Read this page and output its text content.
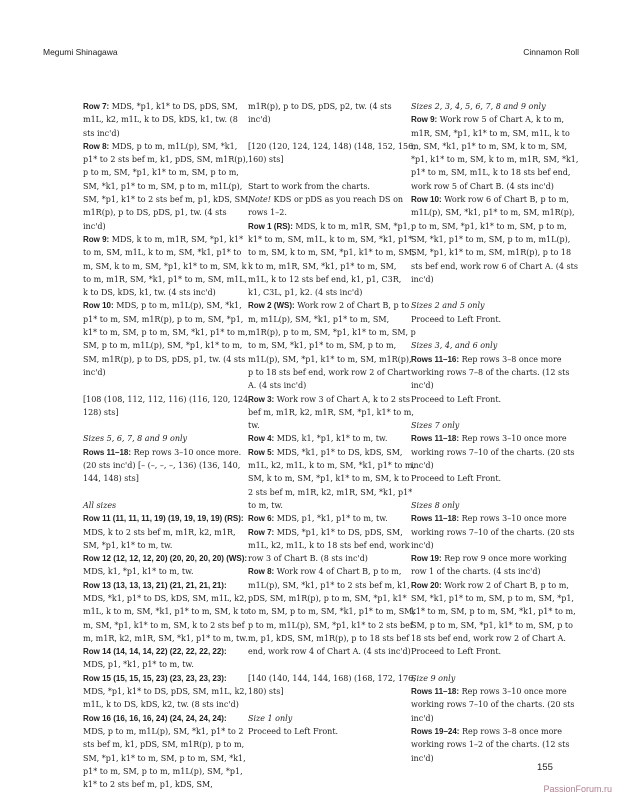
Megumi Shinagawa	Cinnamon Roll

Row 7: MDS, *p1, k1* to DS, pDS, SM, m1L, k2, m1L, k to DS, kDS, k1, tw. (8 sts inc'd)

Row 8: MDS, p to m, m1L(p), SM, *k1, p1* to 2 sts bef m, k1, pDS, SM, m1R(p), p to m, SM, *p1, k1* to m, SM, p to m, SM, *k1, p1* to m, SM, p to m, m1L(p), SM, *p1, k1* to 2 sts bef m, p1, kDS, SM, m1R(p), p to DS, pDS, p1, tw. (4 sts inc'd)

Row 9: MDS, k to m, m1R, SM, *p1, k1* to m, SM, m1L, k to m, SM, *k1, p1* to m, SM, k to m, SM, *p1, k1* to m, SM, k to m, m1R, SM, *k1, p1* to m, SM, m1L, k to DS, kDS, k1, tw. (4 sts inc'd)

Row 10: MDS, p to m, m1L(p), SM, *k1, p1* to m, SM, m1R(p), p to m, SM, *p1, k1* to m, SM, p to m, SM, *k1, p1* to m, SM, p to m, m1L(p), SM, *p1, k1* to m, SM, m1R(p), p to DS, pDS, p1, tw. (4 sts inc'd)

[108 (108, 112, 112, 116) (116, 120, 124, 128) sts]

Sizes 5, 6, 7, 8 and 9 only

Rows 11–18: Rep rows 3–10 once more. (20 sts inc'd) [– (–, –, –, 136) (136, 140, 144, 148) sts]

All sizes

Row 11 (11, 11, 11, 19) (19, 19, 19, 19) (RS): MDS, k to 2 sts bef m, m1R, k2, m1R, SM, *p1, k1* to m, tw.

Row 12 (12, 12, 12, 20) (20, 20, 20, 20) (WS): MDS, k1, *p1, k1* to m, tw.

Row 13 (13, 13, 13, 21) (21, 21, 21, 21): MDS, *k1, p1* to DS, kDS, SM, m1L, k2, m1L, k to m, SM, *k1, p1* to m, SM, k to m, SM, *p1, k1* to m, SM, k to 2 sts bef m, m1R, k2, m1R, SM, *k1, p1* to m, tw.

Row 14 (14, 14, 14, 22) (22, 22, 22, 22): MDS, p1, *k1, p1* to m, tw.

Row 15 (15, 15, 15, 23) (23, 23, 23, 23): MDS, *p1, k1* to DS, pDS, SM, m1L, k2, m1L, k to DS, kDS, k2, tw. (8 sts inc'd)

Row 16 (16, 16, 16, 24) (24, 24, 24, 24): MDS, p to m, m1L(p), SM, *k1, p1* to 2 sts bef m, k1, pDS, SM, m1R(p), p to m, SM, *p1, k1* to m, SM, p to m, SM, *k1, p1* to m, SM, p to m, m1L(p), SM, *p1, k1* to 2 sts bef m, p1, kDS, SM,

m1R(p), p to DS, pDS, p2, tw. (4 sts inc'd)

[120 (120, 124, 124, 148) (148, 152, 156, 160) sts]

Start to work from the charts.

Note! KDS or pDS as you reach DS on rows 1–2.

Row 1 (RS): MDS, k to m, m1R, SM, *p1, k1* to m, SM, m1L, k to m, SM, *k1, p1* to m, SM, k to m, SM, *p1, k1* to m, SM, k to m, m1R, SM, *k1, p1* to m, SM, m1L, k to 12 sts bef end, k1, p1, C3R, k1, C3L, p1, k2. (4 sts inc'd)

Row 2 (WS): Work row 2 of Chart B, p to m, m1L(p), SM, *k1, p1* to m, SM, m1R(p), p to m, SM, *p1, k1* to m, SM, p to m, SM, *k1, p1* to m, SM, p to m, m1L(p), SM, *p1, k1* to m, SM, m1R(p), p to 18 sts bef end, work row 2 of Chart A. (4 sts inc'd)

Row 3: Work row 3 of Chart A, k to 2 sts bef m, m1R, k2, m1R, SM, *p1, k1* to m, tw.

Row 4: MDS, k1, *p1, k1* to m, tw.

Row 5: MDS, *k1, p1* to DS, kDS, SM, m1L, k2, m1L, k to m, SM, *k1, p1* to m, SM, k to m, SM, *p1, k1* to m, SM, k to 2 sts bef m, m1R, k2, m1R, SM, *k1, p1* to m, tw.

Row 6: MDS, p1, *k1, p1* to m, tw.

Row 7: MDS, *p1, k1* to DS, pDS, SM, m1L, k2, m1L, k to 18 sts bef end, work row 3 of Chart B. (8 sts inc'd)

Row 8: Work row 4 of Chart B, p to m, m1L(p), SM, *k1, p1* to 2 sts bef m, k1, pDS, SM, m1R(p), p to m, SM, *p1, k1* to m, SM, p to m, SM, *k1, p1* to m, SM, p to m, m1L(p), SM, *p1, k1* to 2 sts bef m, p1, kDS, SM, m1R(p), p to 18 sts bef end, work row 4 of Chart A. (4 sts inc'd)

[140 (140, 144, 144, 168) (168, 172, 176, 180) sts]

Size 1 only

Proceed to Left Front.

Sizes 2, 3, 4, 5, 6, 7, 8 and 9 only

Row 9: Work row 5 of Chart A, k to m, m1R, SM, *p1, k1* to m, SM, m1L, k to m, SM, *k1, p1* to m, SM, k to m, SM, *p1, k1* to m, SM, k to m, m1R, SM, *k1, p1* to m, SM, m1L, k to 18 sts bef end, work row 5 of Chart B. (4 sts inc'd)

Row 10: Work row 6 of Chart B, p to m, m1L(p), SM, *k1, p1* to m, SM, m1R(p), p to m, SM, *p1, k1* to m, SM, p to m, SM, *k1, p1* to m, SM, p to m, m1L(p), SM, *p1, k1* to m, SM, m1R(p), p to 18 sts bef end, work row 6 of Chart A. (4 sts inc'd)

Sizes 2 and 5 only

Proceed to Left Front.

Sizes 3, 4, and 6 only

Rows 11–16: Rep rows 3–8 once more working rows 7–8 of the charts. (12 sts inc'd)

Proceed to Left Front.

Sizes 7 only

Rows 11–18: Rep rows 3–10 once more working rows 7–10 of the charts. (20 sts inc'd)

Proceed to Left Front.

Sizes 8 only

Rows 11–18: Rep rows 3–10 once more working rows 7–10 of the charts. (20 sts inc'd)

Row 19: Rep row 9 once more working row 1 of the charts. (4 sts inc'd)

Row 20: Work row 2 of Chart B, p to m, SM, *k1, p1* to m, SM, p to m, SM, *p1, k1* to m, SM, p to m, SM, *k1, p1* to m, SM, p to m, SM, *p1, k1* to m, SM, p to 18 sts bef end, work row 2 of Chart A.

Proceed to Left Front.

Size 9 only

Rows 11–18: Rep rows 3–10 once more working rows 7–10 of the charts. (20 sts inc'd)

Rows 19–24: Rep rows 3–8 once more working rows 1–2 of the charts. (12 sts inc'd)

155
PassionForum.ru
